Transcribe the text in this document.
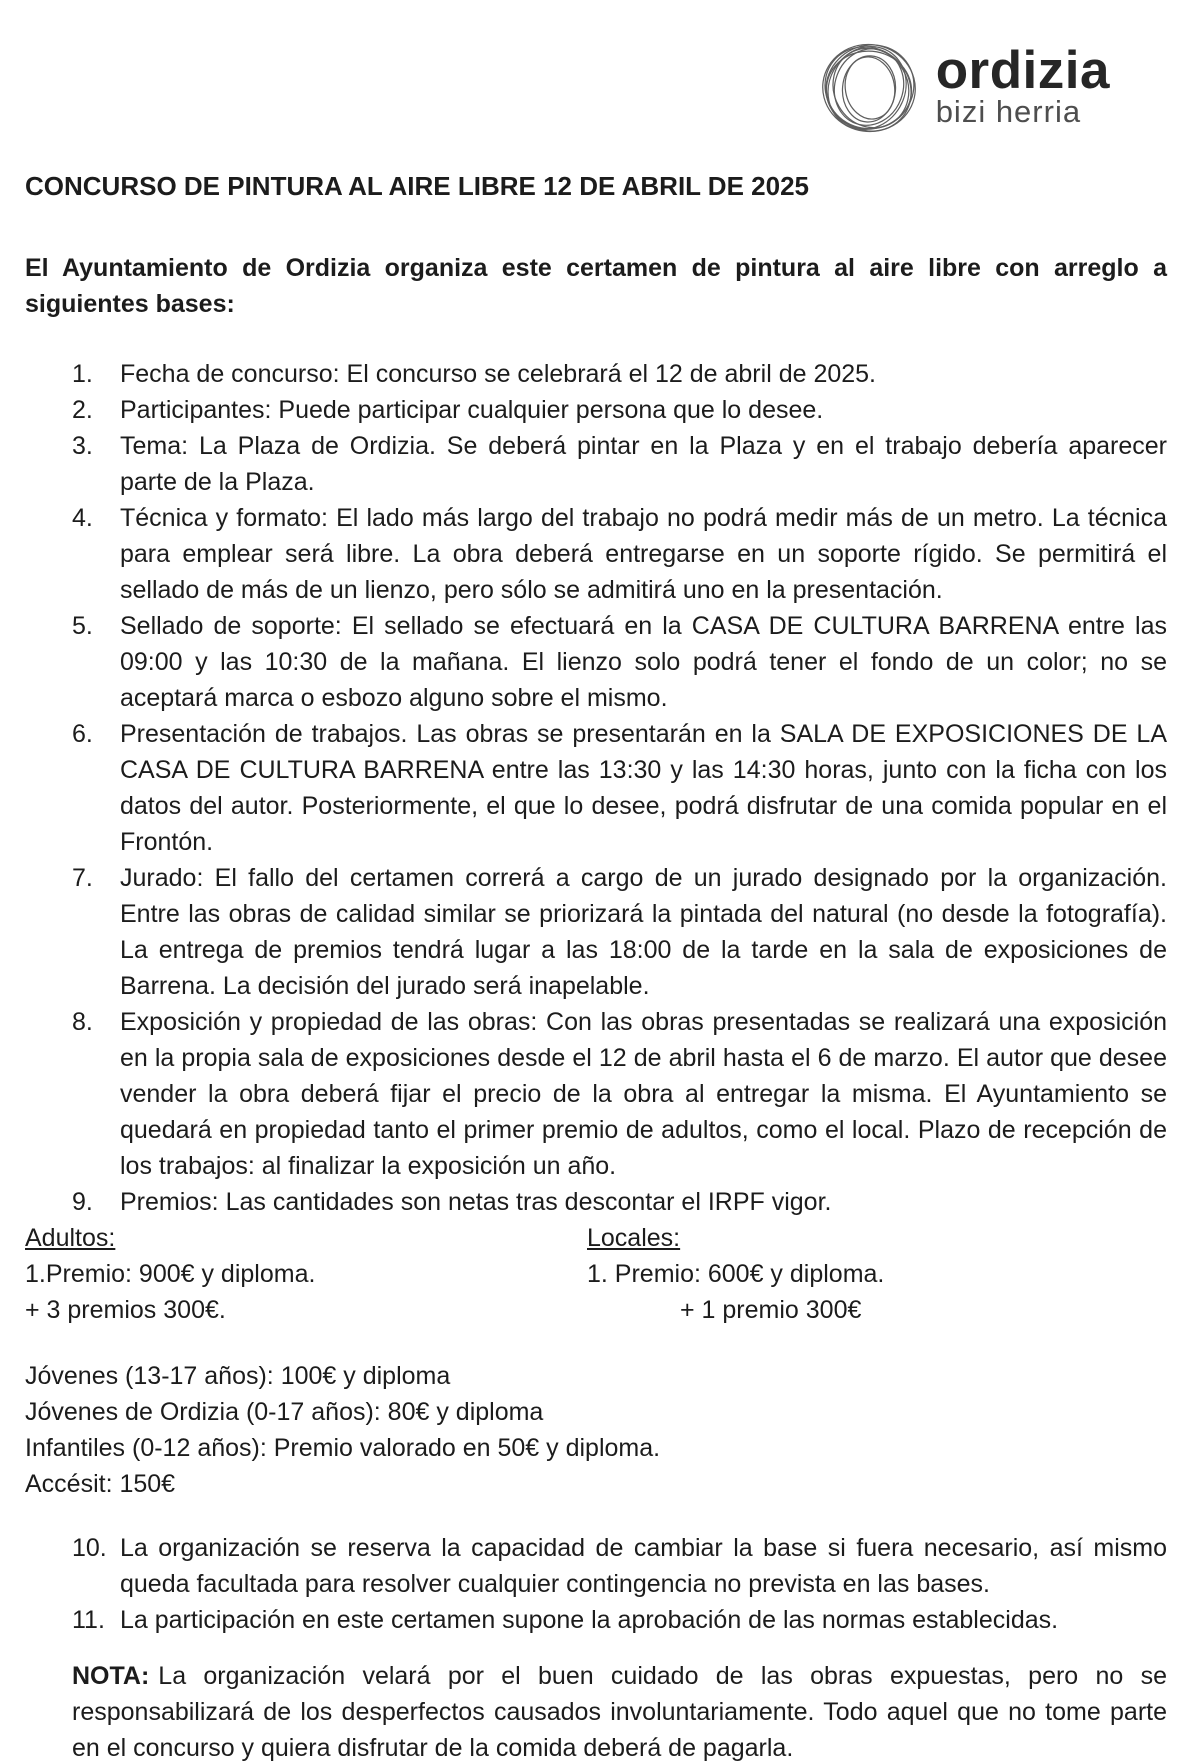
ordizia
bizi herria
CONCURSO DE PINTURA AL AIRE LIBRE 12 DE ABRIL DE 2025

El Ayuntamiento de Ordizia organiza este certamen de pintura al aire libre con arreglo a siguientes bases:

1.	Fecha de concurso: El concurso se celebrará el 12 de abril de 2025.
2.	Participantes: Puede participar cualquier persona que lo desee.
3.	Tema: La Plaza de Ordizia. Se deberá pintar en la Plaza y en el trabajo debería aparecer parte de la Plaza.
4.	Técnica y formato: El lado más largo del trabajo no podrá medir más de un metro. La técnica para emplear será libre. La obra deberá entregarse en un soporte rígido. Se permitirá el sellado de más de un lienzo, pero sólo se admitirá uno en la presentación.
5.	Sellado de soporte: El sellado se efectuará en la CASA DE CULTURA BARRENA entre las 09:00 y las 10:30 de la mañana. El lienzo solo podrá tener el fondo de un color; no se aceptará marca o esbozo alguno sobre el mismo.
6.	Presentación de trabajos. Las obras se presentarán en la SALA DE EXPOSICIONES DE LA CASA DE CULTURA BARRENA entre las 13:30 y las 14:30 horas, junto con la ficha con los datos del autor. Posteriormente, el que lo desee, podrá disfrutar de una comida popular en el Frontón.
7.	Jurado: El fallo del certamen correrá a cargo de un jurado designado por la organización. Entre las obras de calidad similar se priorizará la pintada del natural (no desde la fotografía). La entrega de premios tendrá lugar a las 18:00 de la tarde en la sala de exposiciones de Barrena. La decisión del jurado será inapelable.
8.	Exposición y propiedad de las obras: Con las obras presentadas se realizará una exposición en la propia sala de exposiciones desde el 12 de abril hasta el 6 de marzo. El autor que desee vender la obra deberá fijar el precio de la obra al entregar la misma. El Ayuntamiento se quedará en propiedad tanto el primer premio de adultos, como el local. Plazo de recepción de los trabajos: al finalizar la exposición un año.
9.	Premios: Las cantidades son netas tras descontar el IRPF vigor.
Adultos:
1.Premio: 900€ y diploma.
+ 3 premios 300€.
Locales:
1. Premio: 600€ y diploma.
+ 1 premio 300€
Jóvenes (13-17 años): 100€ y diploma
Jóvenes de Ordizia (0-17 años): 80€ y diploma
Infantiles (0-12 años): Premio valorado en 50€ y diploma.
Accésit: 150€
10. La organización se reserva la capacidad de cambiar la base si fuera necesario, así mismo queda facultada para resolver cualquier contingencia no prevista en las bases.
11. La participación en este certamen supone la aprobación de las normas establecidas.

NOTA: La organización velará por el buen cuidado de las obras expuestas, pero no se responsabilizará de los desperfectos causados involuntariamente. Todo aquel que no tome parte en el concurso y quiera disfrutar de la comida deberá de pagarla.
